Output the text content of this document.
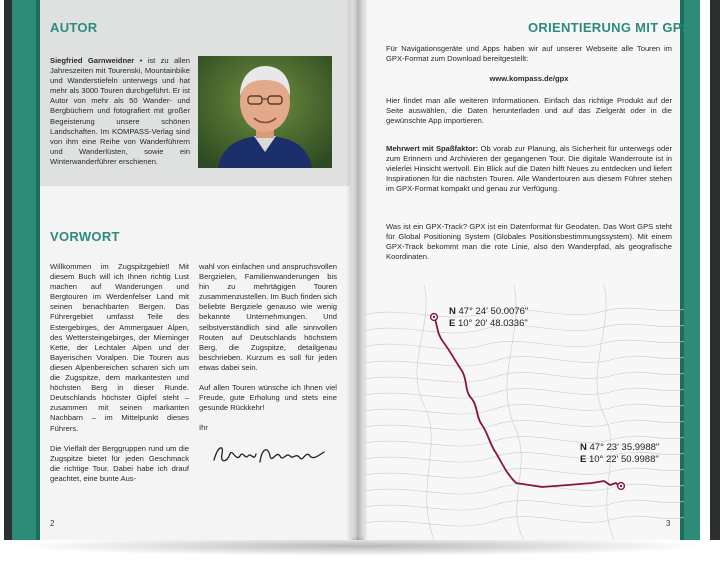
AUTOR
Siegfried Garnweidner • ist zu allen Jahreszeiten mit Tourenski, Mountainbike und Wanderstiefeln unterwegs und hat mehr als 3000 Touren durchgeführt. Er ist Autor von mehr als 50 Wander- und Bergbüchern und fotografiert mit großer Begeisterung unsere schönen Landschaften. Im KOMPASS-Verlag sind von ihm eine Reihe von Wanderführern und Wanderlüsten, sowie ein Winterwanderführer erschienen.
VORWORT
Willkommen im Zugspitzgebiet! Mit diesem Buch will ich Ihnen richtig Lust machen auf Wanderungen und Bergtouren im Werdenfelser Land mit seinen benachbarten Bergen. Das Führergebiet umfasst Teile des Estergebirges, der Ammergauer Alpen, des Wettersteingebirges, der Mieminger Kette, der Lechtaler Alpen und der Bayerischen Voralpen. Die Touren aus diesen Alpenbereichen scharen sich um die Zugspitze, dem markantesten und höchsten Berg in dieser Runde. Deutschlands höchster Gipfel steht – zusammen mit seinen markanten Nachbarn – im Mittelpunkt dieses Führers.
Die Vielfalt der Berggruppen rund um die Zugspitze bietet für jeden Geschmack die richtige Tour. Dabei habe ich drauf geachtet, eine bunte Aus-
wahl von einfachen und anspruchsvollen Bergzielen, Familienwanderungen bis hin zu mehrtägigen Touren zusammenzustellen. Im Buch finden sich beliebte Bergziele genauso wie wenig bekannte Unternehmungen. Und selbstverständlich sind alle sinnvollen Routen auf Deutschlands höchstem Berg, die Zugspitze, detailgenau beschrieben. Kurzum es soll für jeden etwas dabei sein.
Auf allen Touren wünsche ich Ihnen viel Freude, gute Erholung und stets eine gesunde Rückkehr!
Ihr
2
ORIENTIERUNG MIT GPS
Für Navigationsgeräte und Apps haben wir auf unserer Webseite alle Touren im GPX-Format zum Download bereitgestellt:
www.kompass.de/gpx
Hier findet man alle weiteren Informationen. Einfach das richtige Produkt auf der Seite auswählen, die Daten herunterladen und auf das Zielgerät oder in die gewünschte App importieren.
Mehrwert mit Spaßfaktor: Ob vorab zur Planung, als Sicherheit für unterwegs oder zum Erinnern und Archivieren der gegangenen Tour. Die digitale Wanderroute ist in vielerlei Hinsicht wertvoll. Ein Blick auf die Daten hilft Neues zu entdecken und liefert Inspirationen für die nächsten Touren. Alle Wandertouren aus diesem Führer stehen im GPX-Format kompakt und genau zur Verfügung.
Was ist ein GPX-Track? GPX ist ein Datenformat für Geodaten. Das Wort GPS steht für Global Positioning System (Globales Positionsbestimmungssystem). Mit einem GPX-Track bekommt man die rote Linie, also den Wanderpfad, als geografische Koordinaten.
N 47° 24' 50.0076"
E 10° 20' 48.0336"
N 47° 23' 35.9988"
E 10° 22' 50.9988"
3
